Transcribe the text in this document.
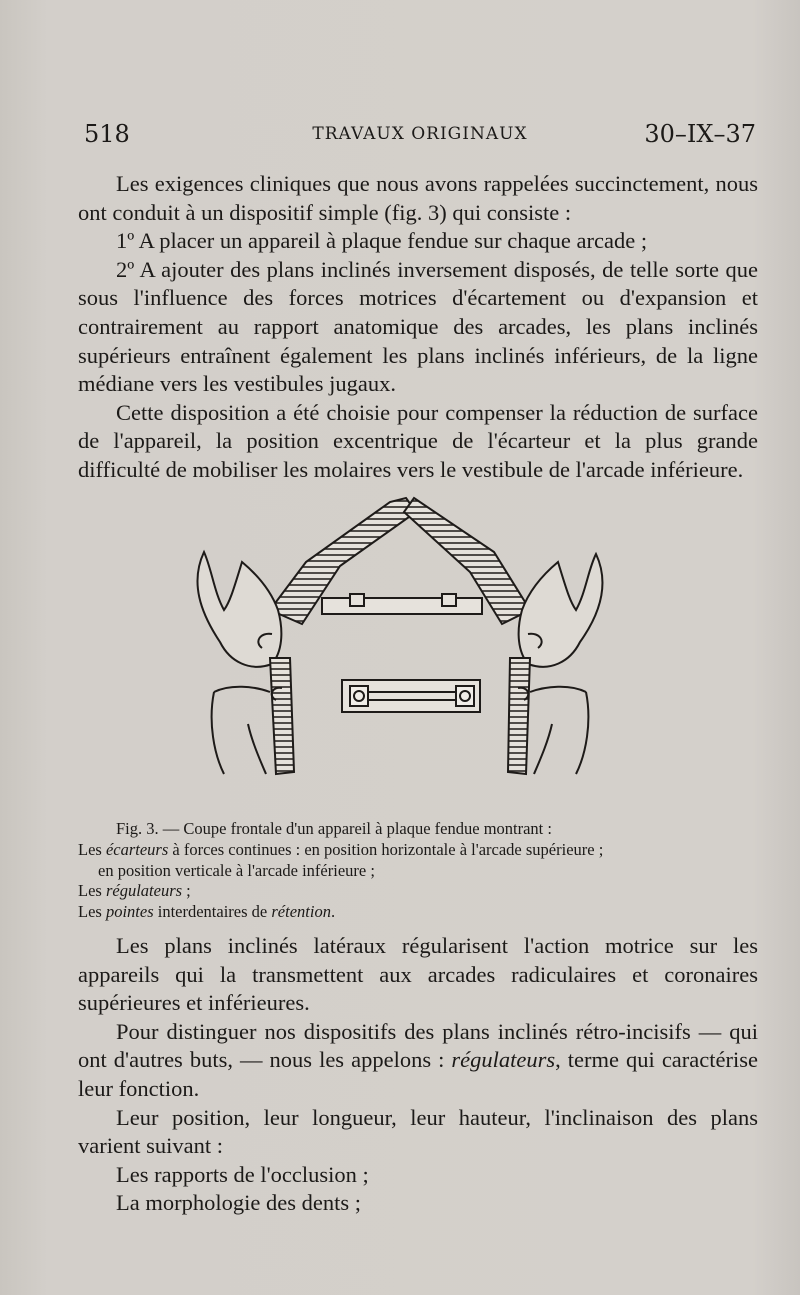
518	TRAVAUX ORIGINAUX	30–IX–37

Les exigences cliniques que nous avons rappelées succinctement, nous ont conduit à un dispositif simple (fig. 3) qui consiste :

1º A placer un appareil à plaque fendue sur chaque arcade ;

2º A ajouter des plans inclinés inversement disposés, de telle sorte que sous l'influence des forces motrices d'écartement ou d'expansion et contrairement au rapport anatomique des arcades, les plans inclinés supérieurs entraînent également les plans inclinés inférieurs, de la ligne médiane vers les vestibules jugaux.

Cette disposition a été choisie pour compenser la réduction de surface de l'appareil, la position excentrique de l'écarteur et la plus grande difficulté de mobiliser les molaires vers le vestibule de l'arcade inférieure.

Fig. 3. — Coupe frontale d'un appareil à plaque fendue montrant :
Les écarteurs à forces continues : en position horizontale à l'arcade supérieure ;
en position verticale à l'arcade inférieure ;
Les régulateurs ;
Les pointes interdentaires de rétention.

Les plans inclinés latéraux régularisent l'action motrice sur les appareils qui la transmettent aux arcades radiculaires et coronaires supérieures et inférieures.

Pour distinguer nos dispositifs des plans inclinés rétro-incisifs — qui ont d'autres buts, — nous les appelons : régulateurs, terme qui caractérise leur fonction.

Leur position, leur longueur, leur hauteur, l'inclinaison des plans varient suivant :

Les rapports de l'occlusion ;

La morphologie des dents ;
